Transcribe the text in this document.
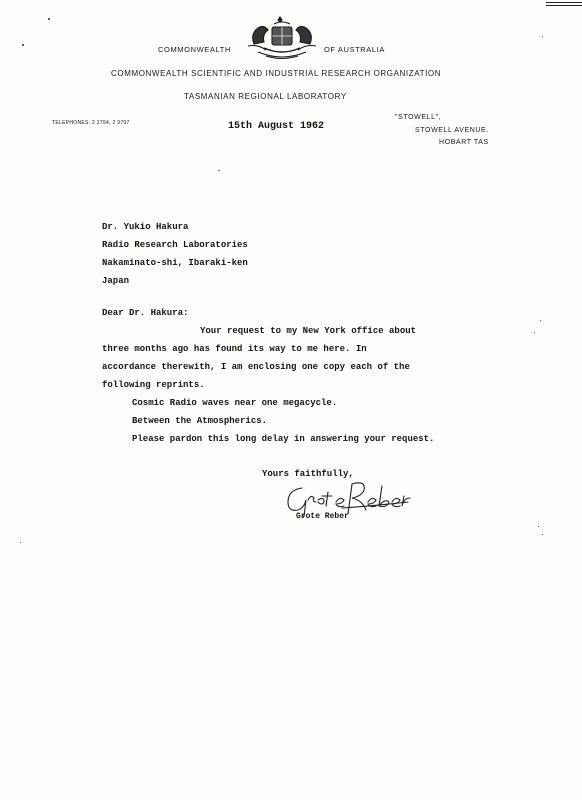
COMMONWEALTH	OF AUSTRALIA
COMMONWEALTH SCIENTIFIC AND INDUSTRIAL RESEARCH ORGANIZATION
TASMANIAN REGIONAL LABORATORY
TELEPHONES: 2 2794, 2 9797	15th August 1962
"STOWELL",
STOWELL AVENUE.
HOBART TAS
Dr. Yukio Hakura
Radio Research Laboratories
Nakaminato-shi, Ibaraki-ken
Japan
Dear Dr. Hakura:
Your request to my New York office about
three months ago has found its way to me here. In
accordance therewith, I am enclosing one copy each of the
following reprints.
Cosmic Radio waves near one megacycle.
Between the Atmospherics.
Please pardon this long delay in answering your request.
Yours faithfully,
Grote Reber
